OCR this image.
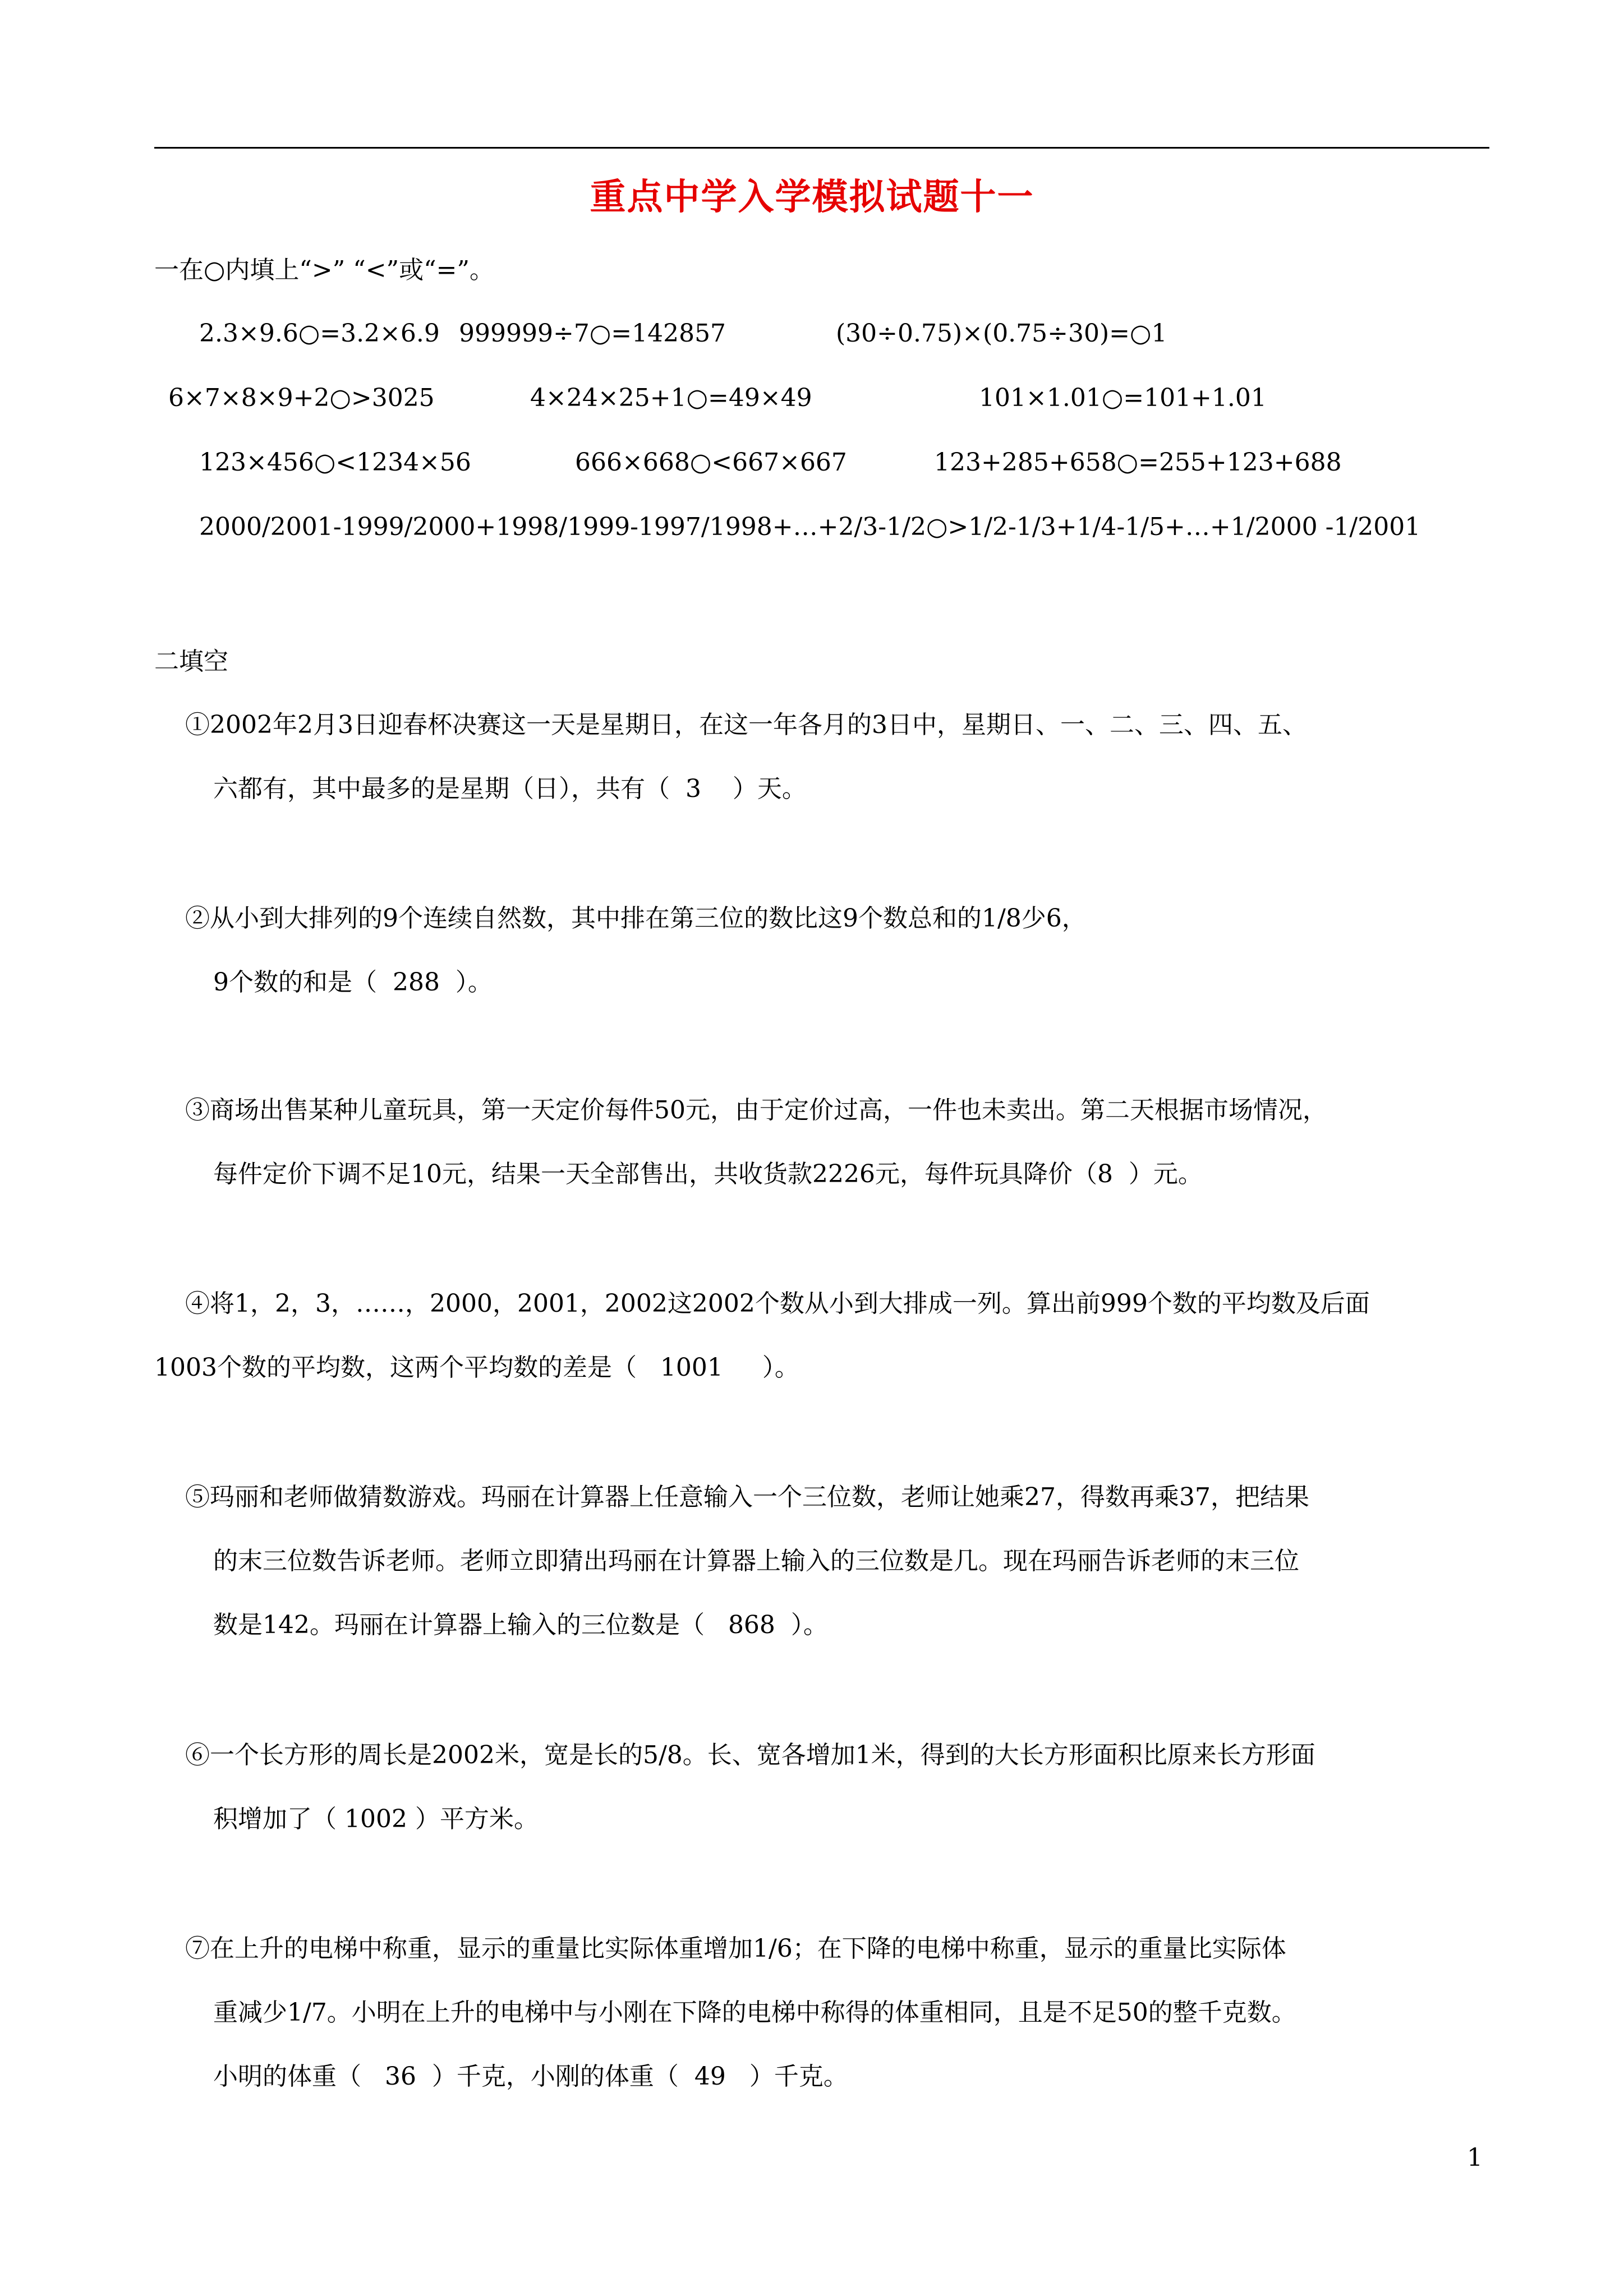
重点中学入学模拟试题十一
一在○内填上“>” “<”或“=”。
2.3×9.6○=3.2×6.9 999999÷7○=142857	(30÷0.75)×(0.75÷30)=○1
6×7×8×9+2○>3025	4×24×25+1○=49×49	101×1.01○=101+1.01
123×456○<1234×56	666×668○<667×667	123+285+658○=255+123+688
2000/2001-1999/2000+1998/1999-1997/1998+…+2/3-1/2○>1/2-1/3+1/4-1/5+…+1/2000 -1/2001
二填空
①2002年2月3日迎春杯决赛这一天是星期日，在这一年各月的3日中，星期日、一、二、三、四、五、
六都有，其中最多的是星期（日），共有（  3    ）天。
②从小到大排列的9个连续自然数，其中排在第三位的数比这9个数总和的1/8少6，
9个数的和是（  288  ）。
③商场出售某种儿童玩具，第一天定价每件50元，由于定价过高，一件也未卖出。第二天根据市场情况，
每件定价下调不足10元，结果一天全部售出，共收货款2226元，每件玩具降价（8  ）元。
④将1，2，3，……，2000，2001，2002这2002个数从小到大排成一列。算出前999个数的平均数及后面
1003个数的平均数，这两个平均数的差是（   1001     ）。
⑤玛丽和老师做猜数游戏。玛丽在计算器上任意输入一个三位数，老师让她乘27，得数再乘37，把结果
的末三位数告诉老师。老师立即猜出玛丽在计算器上输入的三位数是几。现在玛丽告诉老师的末三位
数是142。玛丽在计算器上输入的三位数是（   868  ）。
⑥一个长方形的周长是2002米，宽是长的5/8。长、宽各增加1米，得到的大长方形面积比原来长方形面
积增加了（ 1002 ）平方米。
⑦在上升的电梯中称重，显示的重量比实际体重增加1/6；在下降的电梯中称重，显示的重量比实际体
重减少1/7。小明在上升的电梯中与小刚在下降的电梯中称得的体重相同，且是不足50的整千克数。
小明的体重（   36  ）千克，小刚的体重（  49   ）千克。
1
